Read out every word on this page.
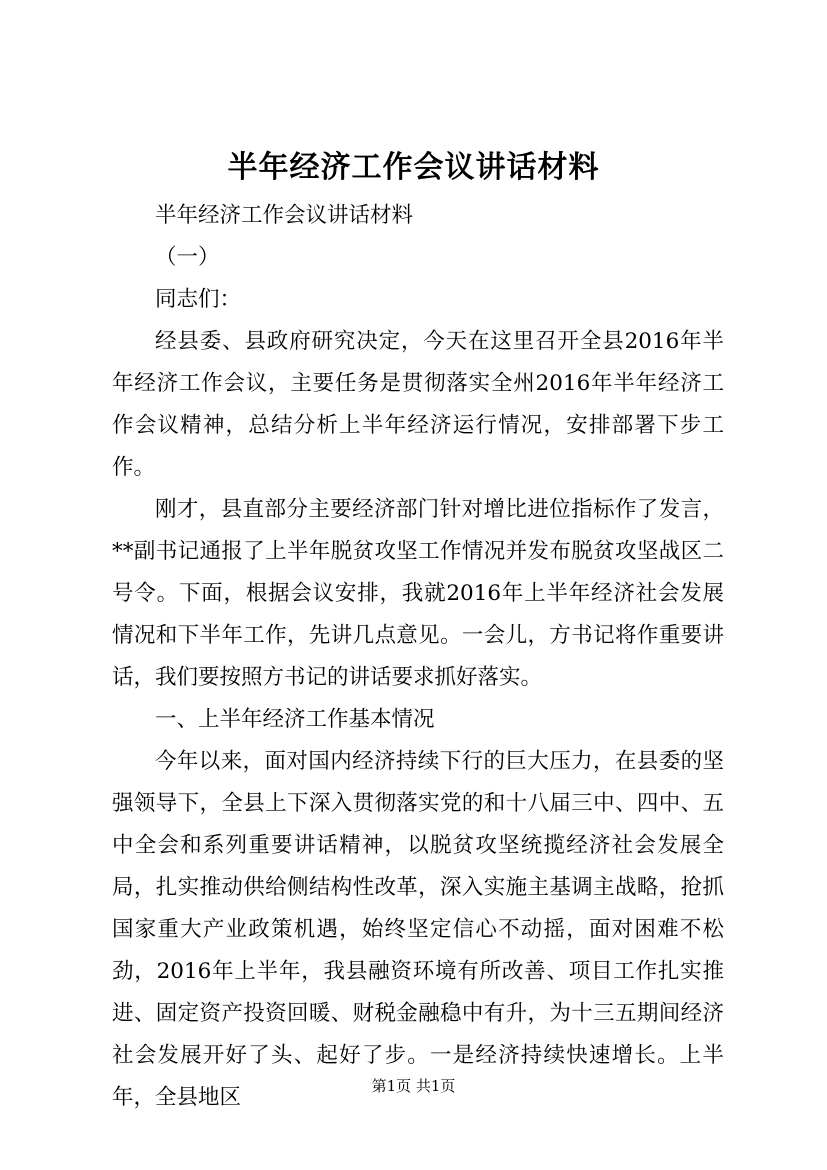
半年经济工作会议讲话材料

半年经济工作会议讲话材料

（一）

同志们：

经县委、县政府研究决定，今天在这里召开全县2016年半年经济工作会议，主要任务是贯彻落实全州2016年半年经济工作会议精神，总结分析上半年经济运行情况，安排部署下步工作。

刚才，县直部分主要经济部门针对增比进位指标作了发言，**副书记通报了上半年脱贫攻坚工作情况并发布脱贫攻坚战区二号令。下面，根据会议安排，我就2016年上半年经济社会发展情况和下半年工作，先讲几点意见。一会儿，方书记将作重要讲话，我们要按照方书记的讲话要求抓好落实。

一、上半年经济工作基本情况

今年以来，面对国内经济持续下行的巨大压力，在县委的坚强领导下，全县上下深入贯彻落实党的和十八届三中、四中、五中全会和系列重要讲话精神，以脱贫攻坚统揽经济社会发展全局，扎实推动供给侧结构性改革，深入实施主基调主战略，抢抓国家重大产业政策机遇，始终坚定信心不动摇，面对困难不松劲，2016年上半年，我县融资环境有所改善、项目工作扎实推进、固定资产投资回暖、财税金融稳中有升，为十三五期间经济社会发展开好了头、起好了步。一是经济持续快速增长。上半年，全县地区	第1页 共1页
